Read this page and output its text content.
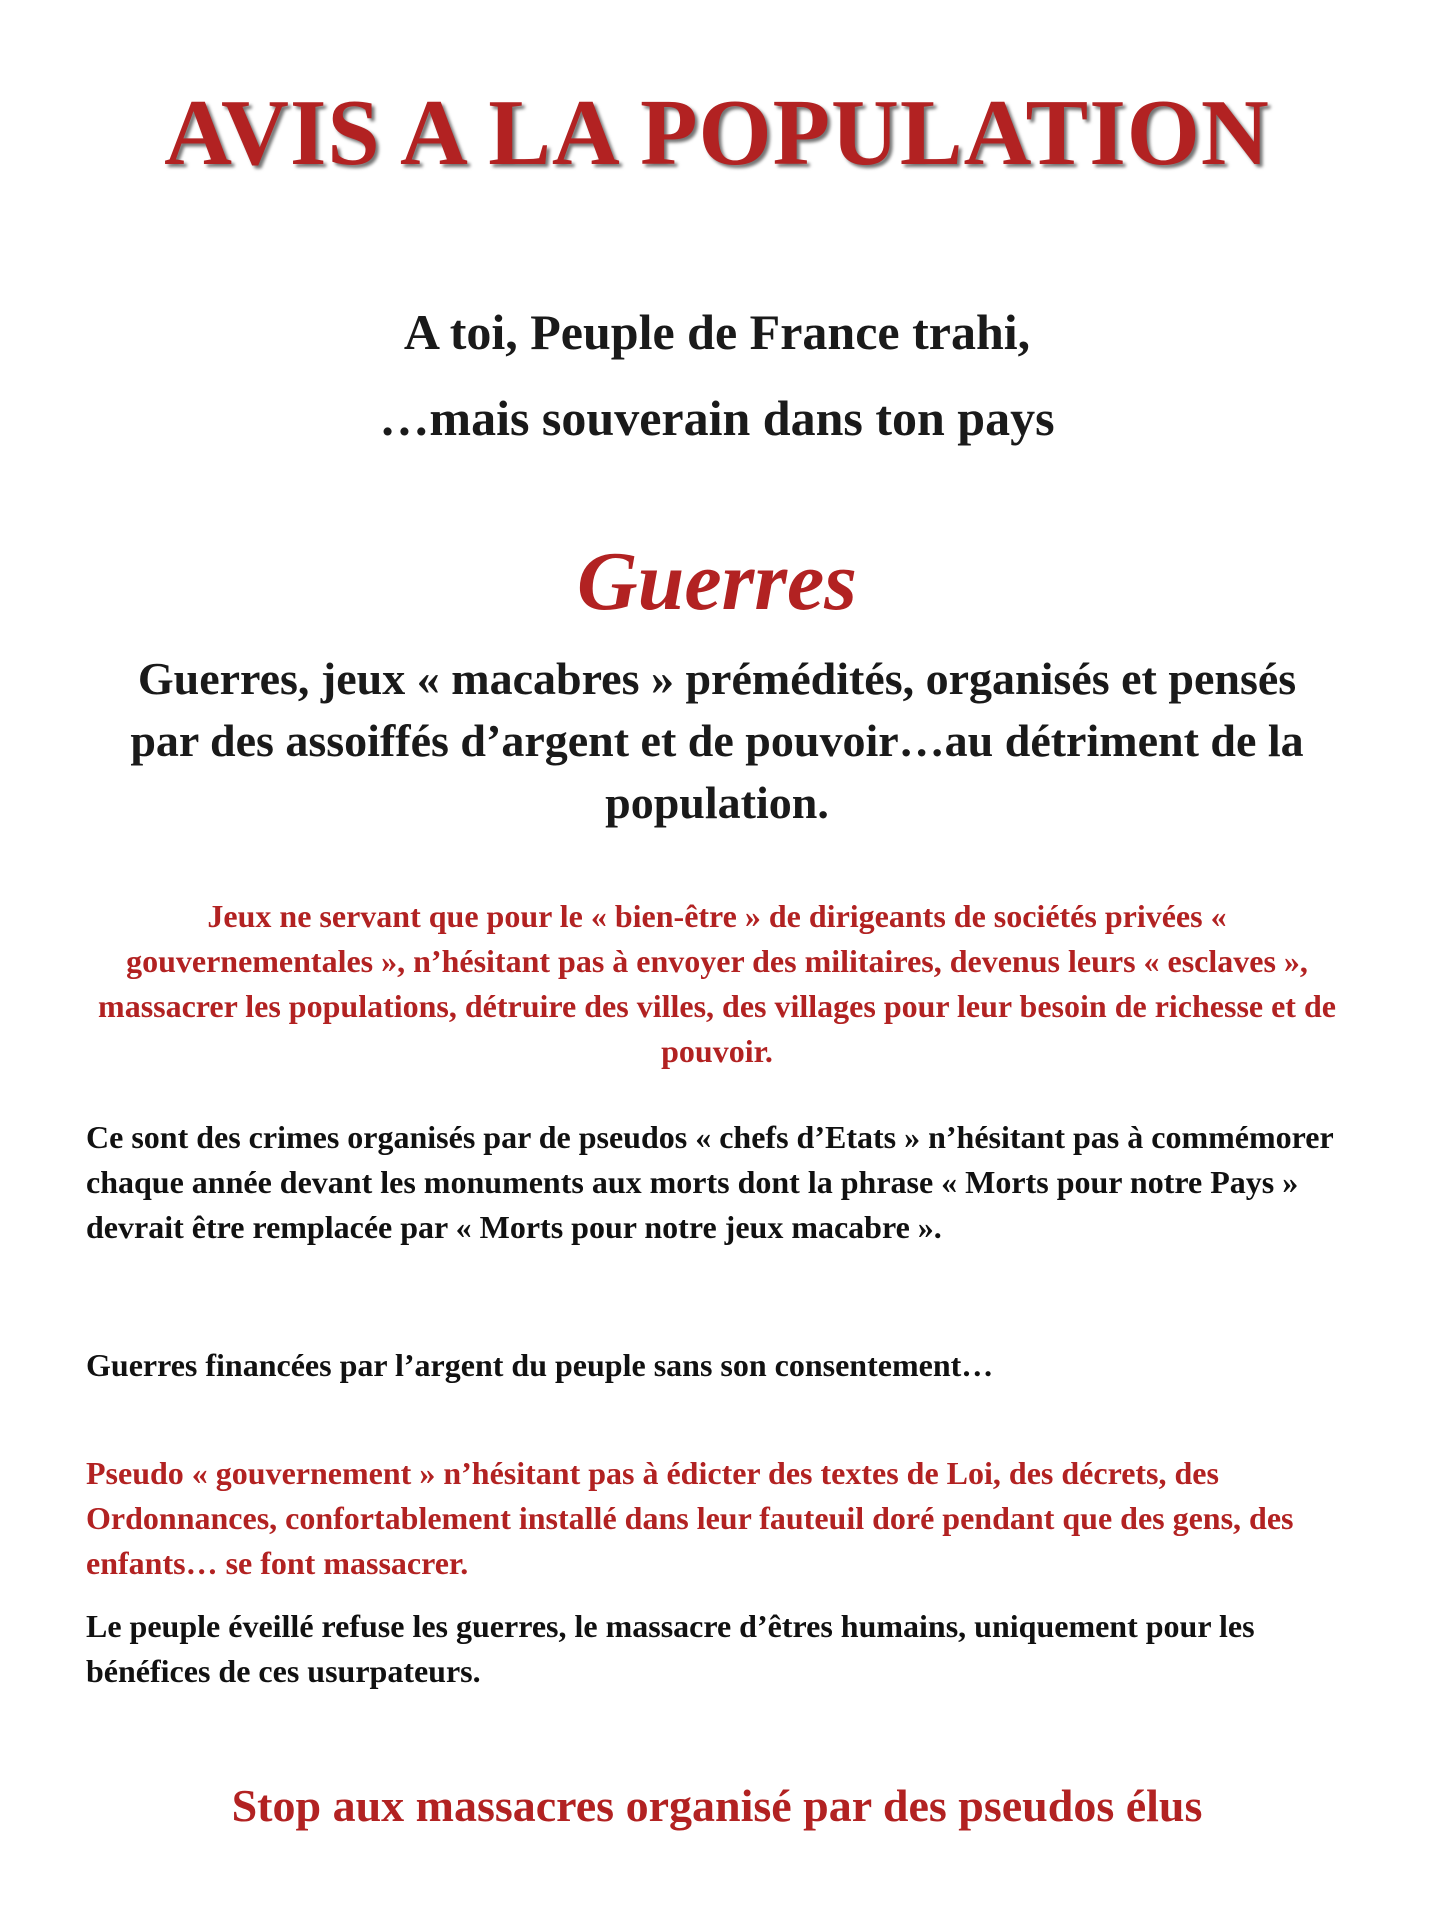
AVIS A LA POPULATION
A toi, Peuple de France trahi,
…mais souverain dans ton pays
Guerres
Guerres, jeux « macabres » prémédités, organisés et pensés par des assoiffés d’argent et de pouvoir…au détriment de la population.
Jeux ne servant que pour le « bien-être » de dirigeants de sociétés privées « gouvernementales », n’hésitant pas à envoyer des militaires, devenus leurs « esclaves », massacrer les populations, détruire des villes, des villages pour leur besoin de richesse et de pouvoir.
Ce sont des crimes organisés par de pseudos « chefs d’Etats » n’hésitant pas à commémorer chaque année devant les monuments aux morts dont la phrase « Morts pour notre Pays » devrait être remplacée par « Morts pour notre jeux macabre ».
Guerres financées par l’argent du peuple sans son consentement…
Pseudo « gouvernement » n’hésitant pas à édicter des textes de Loi, des décrets, des Ordonnances, confortablement installé dans leur fauteuil doré pendant que des gens, des enfants… se font massacrer.
Le peuple éveillé refuse les guerres, le massacre d’êtres humains, uniquement pour les bénéfices de ces usurpateurs.
Stop aux massacres organisé par des pseudos élus
